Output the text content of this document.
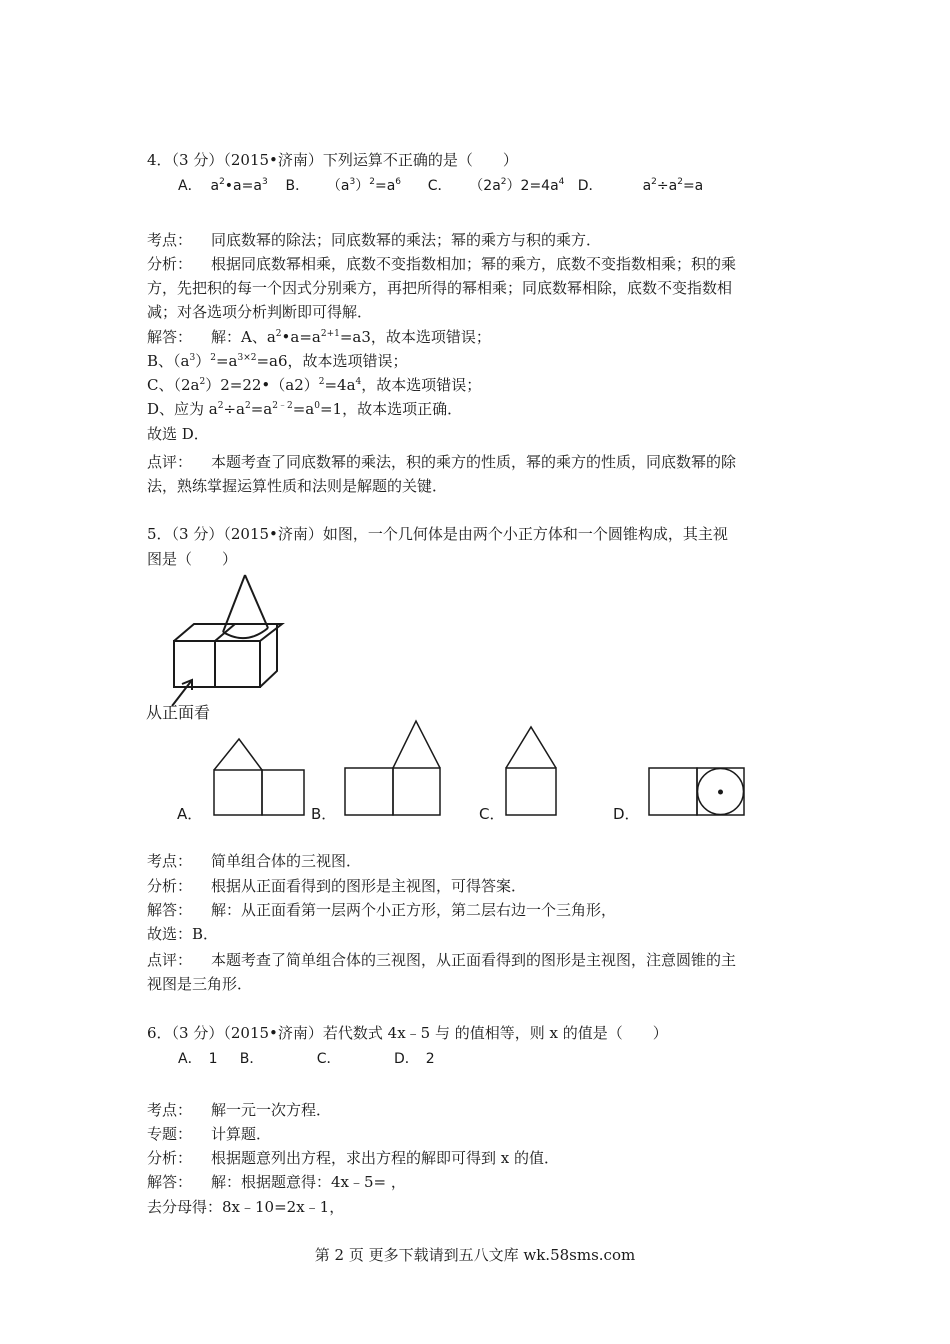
4．（3 分）（2015•济南）下列运算不正确的是（　　）
A．  $a^2•a=a^3$ B．    $(a^3)^2=a^6$ C．    $(2a^2)2=4a^4$ D．         $a^2\div a^2=a$
考点： 同底数幂的除法；同底数幂的乘法；幂的乘方与积的乘方．
分析： 根据同底数幂相乘，底数不变指数相加；幂的乘方，底数不变指数相乘；积的乘
方，先把积的每一个因式分别乘方，再把所得的幂相乘；同底数幂相除，底数不变指数相
减；对各选项分析判断即可得解．
解答： 解：A、$a^2•a=a^{2+1}=a3$，故本选项错误；
B、$(a^3)^2=a^{3\times 2}=a6$，故本选项错误；
C、$(2a^2)2=22•(a2)^2=4a^4$，故本选项错误；
D、应为 $a^2\div a^2=a^{2﹣2}=a^0=1$，故本选项正确．
故选 D．
点评： 本题考查了同底数幂的乘法，积的乘方的性质，幂的乘方的性质，同底数幂的除
法，熟练掌握运算性质和法则是解题的关键．
5．（3 分）（2015•济南）如图，一个几何体是由两个小正方体和一个圆锥构成，其主视
图是（　　）
从正面看
A．	B．	C．	D．
考点： 简单组合体的三视图．
分析： 根据从正面看得到的图形是主视图，可得答案．
解答： 解：从正面看第一层两个小正方形，第二层右边一个三角形，
故选：B．
点评： 本题考查了简单组合体的三视图，从正面看得到的图形是主视图，注意圆锥的主
视图是三角形．
6．（3 分）（2015•济南）若代数式 4x﹣5 与 的值相等，则 x 的值是（　　）
A．　1 B．	C．	D．　2
考点： 解一元一次方程．
专题： 计算题．
分析： 根据题意列出方程，求出方程的解即可得到 x 的值．
解答： 解：根据题意得：4x﹣5= ，
去分母得：8x﹣10=2x﹣1，
第 2 页 更多下载请到五八文库 wk.58sms.com
